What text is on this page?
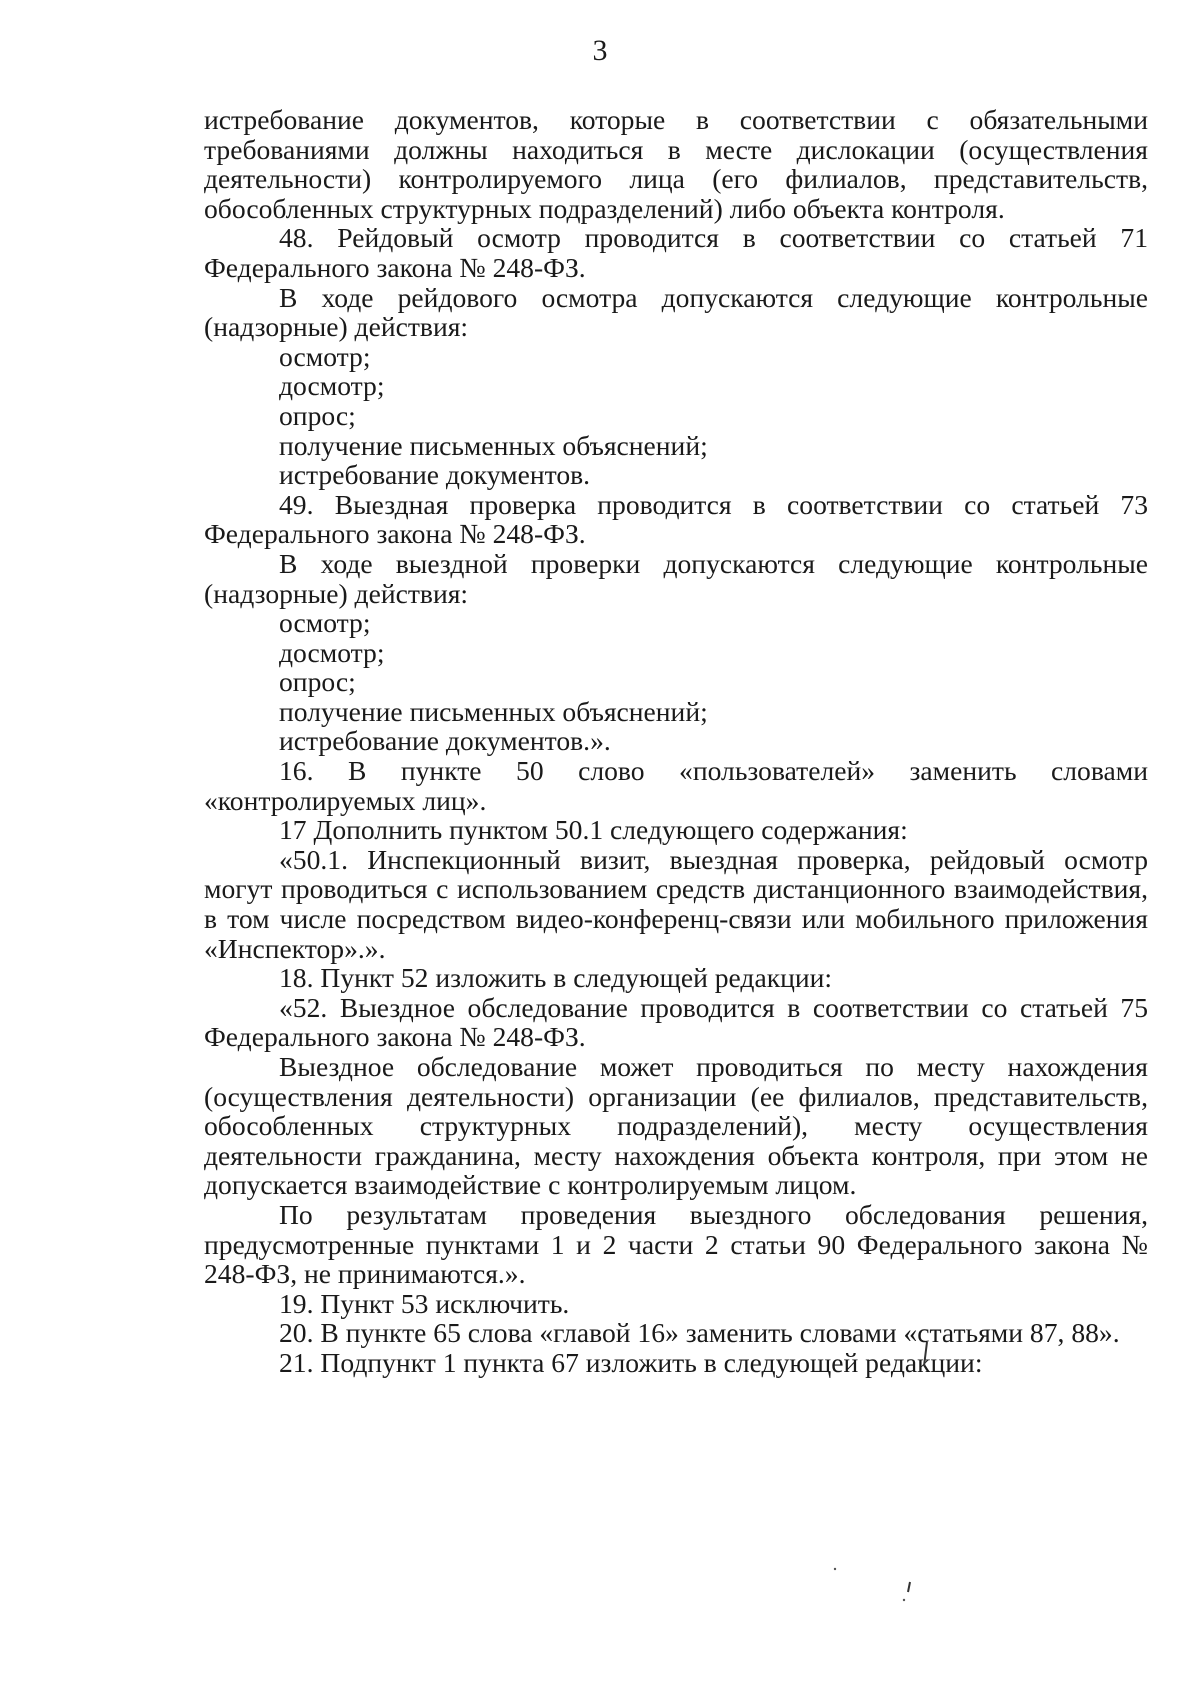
3

истребование документов, которые в соответствии с обязательными требованиями должны находиться в месте дислокации (осуществления деятельности) контролируемого лица (его филиалов, представительств, обособленных структурных подразделений) либо объекта контроля.

48. Рейдовый осмотр проводится в соответствии со статьей 71 Федерального закона № 248-ФЗ.

В ходе рейдового осмотра допускаются следующие контрольные (надзорные) действия:

осмотр;

досмотр;

опрос;

получение письменных объяснений;

истребование документов.

49. Выездная проверка проводится в соответствии со статьей 73 Федерального закона № 248-ФЗ.

В ходе выездной проверки допускаются следующие контрольные (надзорные) действия:

осмотр;

досмотр;

опрос;

получение письменных объяснений;

истребование документов.».

16. В пункте 50 слово «пользователей» заменить словами «контролируемых лиц».

17 Дополнить пунктом 50.1 следующего содержания:

«50.1. Инспекционный визит, выездная проверка, рейдовый осмотр могут проводиться с использованием средств дистанционного взаимодействия, в том числе посредством видео-конференц-связи или мобильного приложения «Инспектор».».

18. Пункт 52 изложить в следующей редакции:

«52. Выездное обследование проводится в соответствии со статьей 75 Федерального закона № 248-ФЗ.

Выездное обследование может проводиться по месту нахождения (осуществления деятельности) организации (ее филиалов, представительств, обособленных структурных подразделений), месту осуществления деятельности гражданина, месту нахождения объекта контроля, при этом не допускается взаимодействие с контролируемым лицом.

По результатам проведения выездного обследования решения, предусмотренные пунктами 1 и 2 части 2 статьи 90 Федерального закона № 248-ФЗ, не принимаются.».

19. Пункт 53 исключить.

20. В пункте 65 слова «главой 16» заменить словами «статьями 87, 88».

21. Подпункт 1 пункта 67 изложить в следующей редакции:
